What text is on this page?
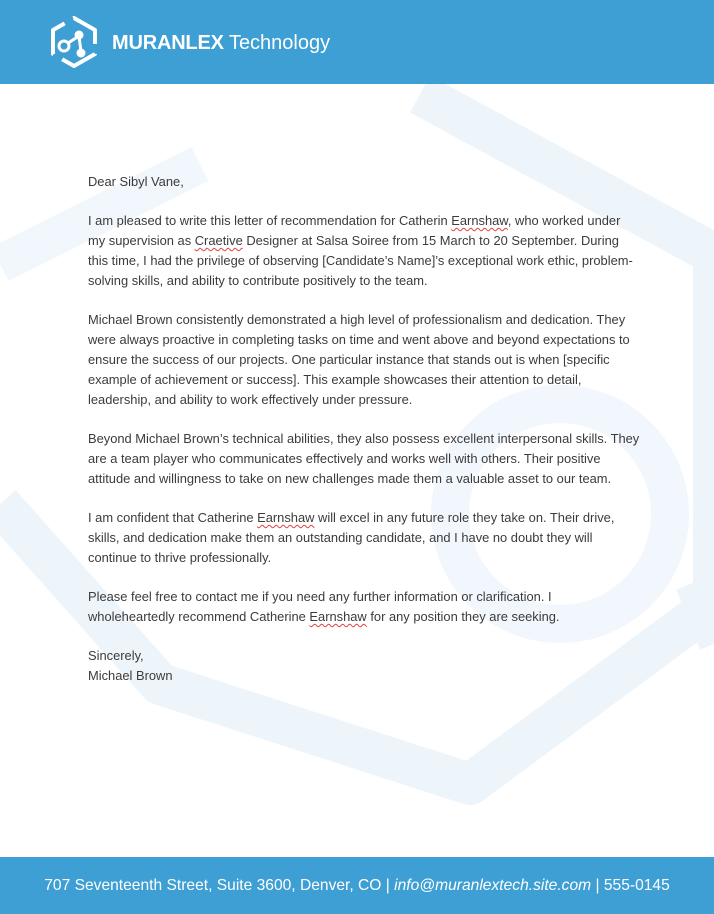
MURANLEX Technology

Dear Sibyl Vane,

I am pleased to write this letter of recommendation for Catherin Earnshaw, who worked under my supervision as Craetive Designer at Salsa Soiree from 15 March to 20 September. During this time, I had the privilege of observing [Candidate’s Name]’s exceptional work ethic, problem-solving skills, and ability to contribute positively to the team.

Michael Brown consistently demonstrated a high level of professionalism and dedication. They were always proactive in completing tasks on time and went above and beyond expectations to ensure the success of our projects. One particular instance that stands out is when [specific example of achievement or success]. This example showcases their attention to detail, leadership, and ability to work effectively under pressure.

Beyond Michael Brown’s technical abilities, they also possess excellent interpersonal skills. They are a team player who communicates effectively and works well with others. Their positive attitude and willingness to take on new challenges made them a valuable asset to our team.

I am confident that Catherine Earnshaw will excel in any future role they take on. Their drive, skills, and dedication make them an outstanding candidate, and I have no doubt they will continue to thrive professionally.

Please feel free to contact me if you need any further information or clarification. I wholeheartedly recommend Catherine Earnshaw for any position they are seeking.

Sincerely,

Michael Brown

707 Seventeenth Street, Suite 3600, Denver, CO | info@muranlextech.site.com | 555-0145
